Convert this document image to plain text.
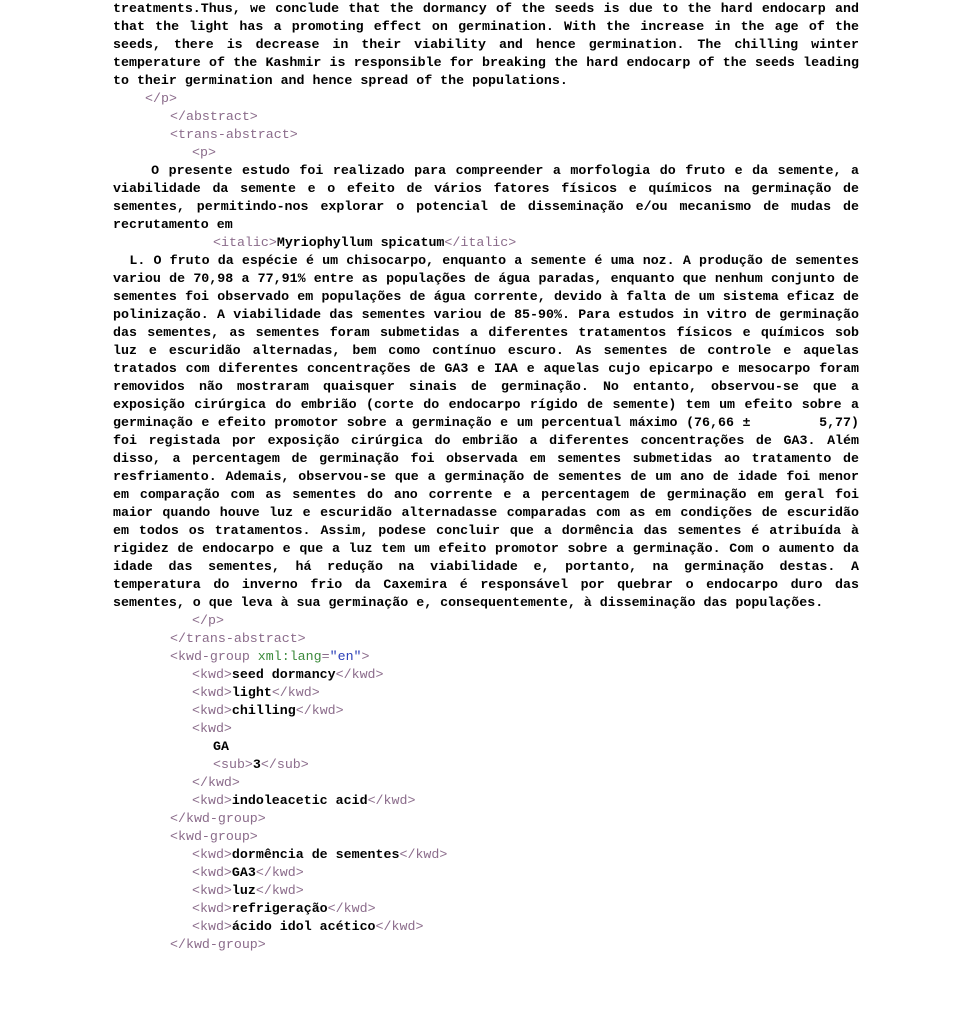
treatments.Thus, we conclude that the dormancy of the seeds is due to the hard endocarp and that the light has a promoting effect on germination. With the increase in the age of the seeds, there is decrease in their viability and hence germination. The chilling winter temperature of the Kashmir is responsible for breaking the hard endocarp of the seeds leading to their germination and hence spread of the populations.
</p>
</abstract>
<trans-abstract>
<p>
O presente estudo foi realizado para compreender a morfologia do fruto e da semente, a viabilidade da semente e o efeito de vários fatores físicos e químicos na germinação de sementes, permitindo-nos explorar o potencial de disseminação e/ou mecanismo de mudas de recrutamento em
<italic>Myriophyllum spicatum</italic>
L. O fruto da espécie é um chisocarpo, enquanto a semente é uma noz. A produção de sementes variou de 70,98 a 77,91% entre as populações de água paradas, enquanto que nenhum conjunto de sementes foi observado em populações de água corrente, devido à falta de um sistema eficaz de polinização. A viabilidade das sementes variou de 85-90%. Para estudos in vitro de germinação das sementes, as sementes foram submetidas a diferentes tratamentos físicos e químicos sob luz e escuridão alternadas, bem como contínuo escuro. As sementes de controle e aquelas tratados com diferentes concentrações de GA3 e IAA e aquelas cujo epicarpo e mesocarpo foram removidos não mostraram quaisquer sinais de germinação. No entanto, observou-se que a exposição cirúrgica do embrião (corte do endocarpo rígido de semente) tem um efeito sobre a germinação e efeito promotor sobre a germinação e um percentual máximo (76,66 ±        5,77) foi registada por exposição cirúrgica do embrião a diferentes concentrações de GA3. Além disso, a percentagem de germinação foi observada em sementes submetidas ao tratamento de resfriamento. Ademais, observou-se que a germinação de sementes de um ano de idade foi menor em comparação com as sementes do ano corrente e a percentagem de germinação em geral foi maior quando houve luz e escuridão alternadasse comparadas com as em condições de escuridão em todos os tratamentos. Assim, podese concluir que a dormência das sementes é atribuída à rigidez de endocarpo e que a luz tem um efeito promotor sobre a germinação. Com o aumento da idade das sementes, há redução na viabilidade e, portanto, na germinação destas. A temperatura do inverno frio da Caxemira é responsável por quebrar o endocarpo duro das sementes, o que leva à sua germinação e, consequentemente, à disseminação das populações.
</p>
</trans-abstract>
<kwd-group xml:lang="en">
<kwd>seed dormancy</kwd>
<kwd>light</kwd>
<kwd>chilling</kwd>
<kwd>
GA
<sub>3</sub>
</kwd>
<kwd>indoleacetic acid</kwd>
</kwd-group>
<kwd-group>
<kwd>dormência de sementes</kwd>
<kwd>GA3</kwd>
<kwd>luz</kwd>
<kwd>refrigeração</kwd>
<kwd>ácido idol acético</kwd>
</kwd-group>
